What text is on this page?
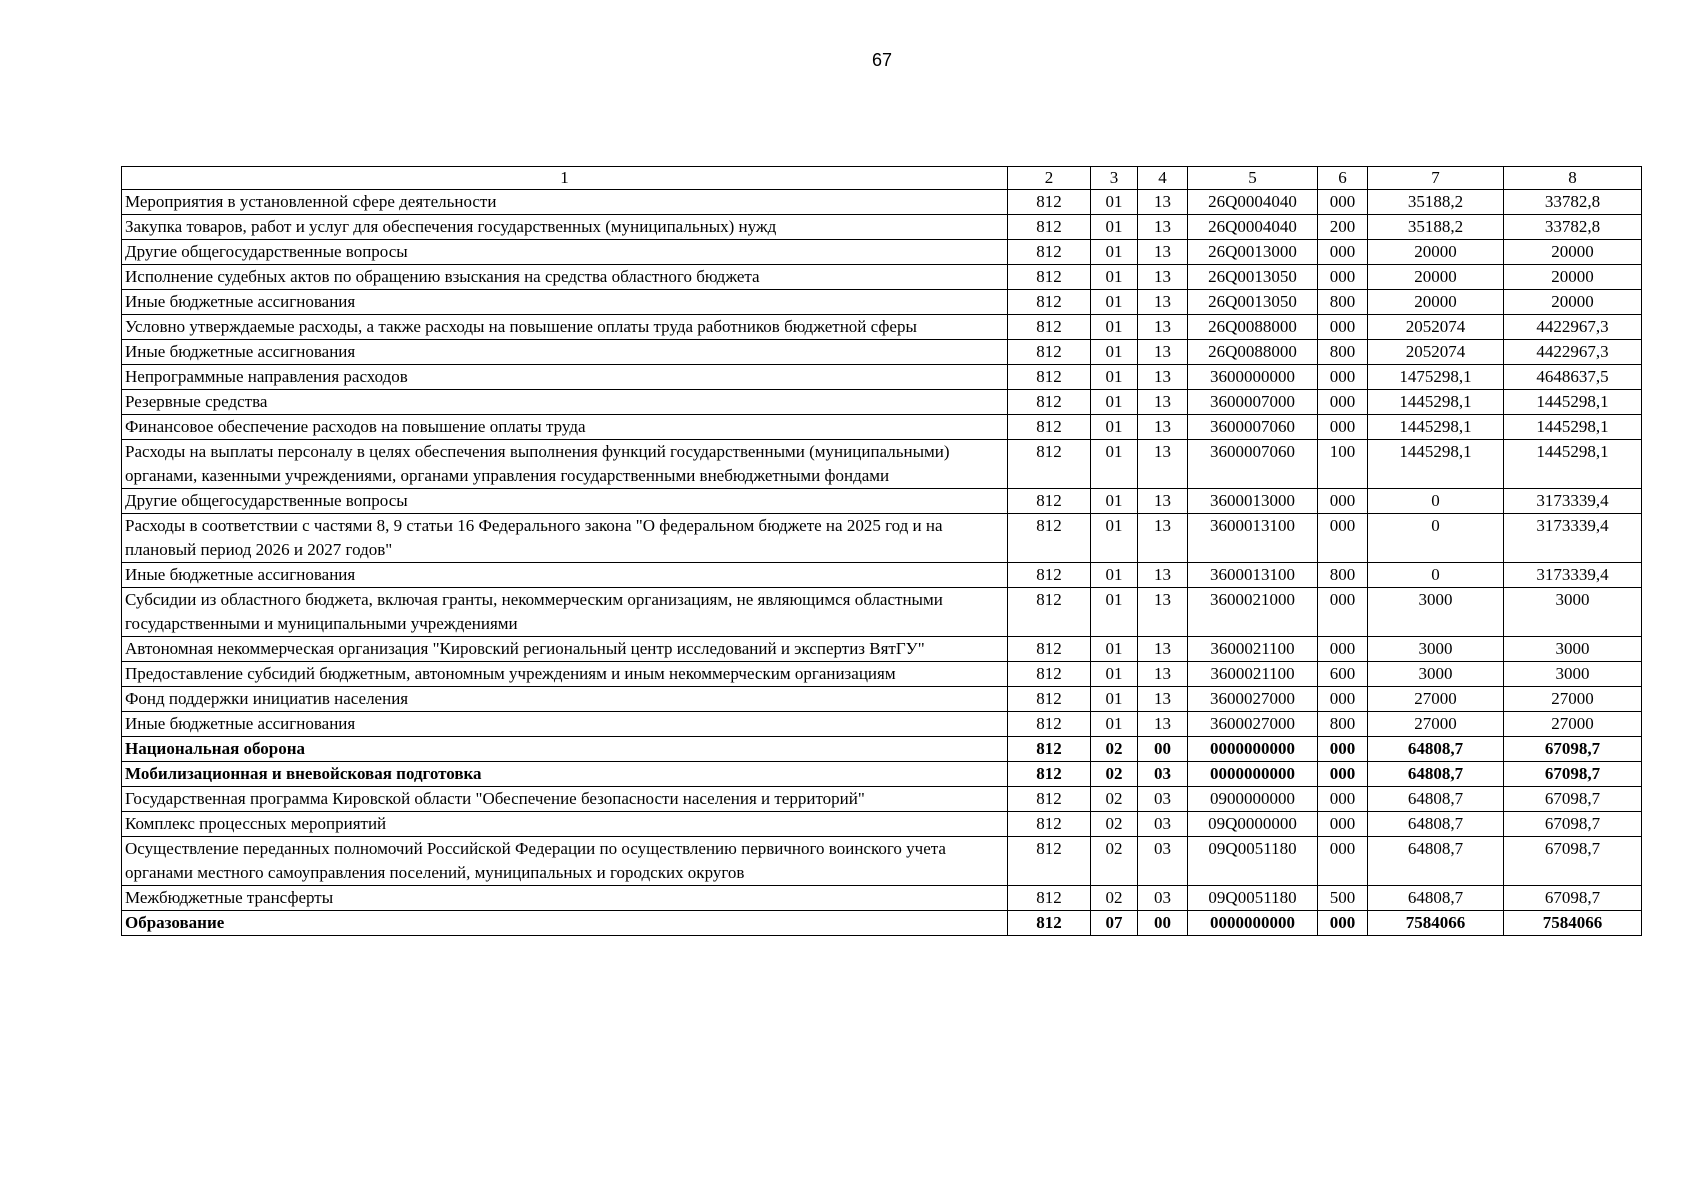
67
1	2	3	4	5	6	7	8
Мероприятия в установленной сфере деятельности	812	01	13	26Q0004040	000	35188,2	33782,8
Закупка товаров, работ и услуг для обеспечения государственных (муниципальных) нужд	812	01	13	26Q0004040	200	35188,2	33782,8
Другие общегосударственные вопросы	812	01	13	26Q0013000	000	20000	20000
Исполнение судебных актов по обращению взыскания на средства областного бюджета	812	01	13	26Q0013050	000	20000	20000
Иные бюджетные ассигнования	812	01	13	26Q0013050	800	20000	20000
Условно утверждаемые расходы, а также расходы на повышение оплаты труда работников бюджетной сферы	812	01	13	26Q0088000	000	2052074	4422967,3
Иные бюджетные ассигнования	812	01	13	26Q0088000	800	2052074	4422967,3
Непрограммные направления расходов	812	01	13	3600000000	000	1475298,1	4648637,5
Резервные средства	812	01	13	3600007000	000	1445298,1	1445298,1
Финансовое обеспечение расходов на повышение оплаты труда	812	01	13	3600007060	000	1445298,1	1445298,1
Расходы на выплаты персоналу в целях обеспечения выполнения функций государственными (муниципальными) органами, казенными учреждениями, органами управления государственными внебюджетными фондами	812	01	13	3600007060	100	1445298,1	1445298,1
Другие общегосударственные вопросы	812	01	13	3600013000	000	0	3173339,4
Расходы в соответствии с частями 8, 9 статьи 16 Федерального закона "О федеральном бюджете на 2025 год и на плановый период 2026 и 2027 годов"	812	01	13	3600013100	000	0	3173339,4
Иные бюджетные ассигнования	812	01	13	3600013100	800	0	3173339,4
Субсидии из областного бюджета, включая гранты, некоммерческим организациям, не являющимся областными государственными и муниципальными учреждениями	812	01	13	3600021000	000	3000	3000
Автономная некоммерческая организация "Кировский региональный центр исследований и экспертиз ВятГУ"	812	01	13	3600021100	000	3000	3000
Предоставление субсидий бюджетным, автономным учреждениям и иным некоммерческим организациям	812	01	13	3600021100	600	3000	3000
Фонд поддержки инициатив населения	812	01	13	3600027000	000	27000	27000
Иные бюджетные ассигнования	812	01	13	3600027000	800	27000	27000
Национальная оборона	812	02	00	0000000000	000	64808,7	67098,7
Мобилизационная и вневойсковая подготовка	812	02	03	0000000000	000	64808,7	67098,7
Государственная программа Кировской области "Обеспечение безопасности населения и территорий"	812	02	03	0900000000	000	64808,7	67098,7
Комплекс процессных мероприятий	812	02	03	09Q0000000	000	64808,7	67098,7
Осуществление переданных полномочий Российской Федерации по осуществлению первичного воинского учета органами местного самоуправления поселений, муниципальных и городских округов	812	02	03	09Q0051180	000	64808,7	67098,7
Межбюджетные трансферты	812	02	03	09Q0051180	500	64808,7	67098,7
Образование	812	07	00	0000000000	000	7584066	7584066
